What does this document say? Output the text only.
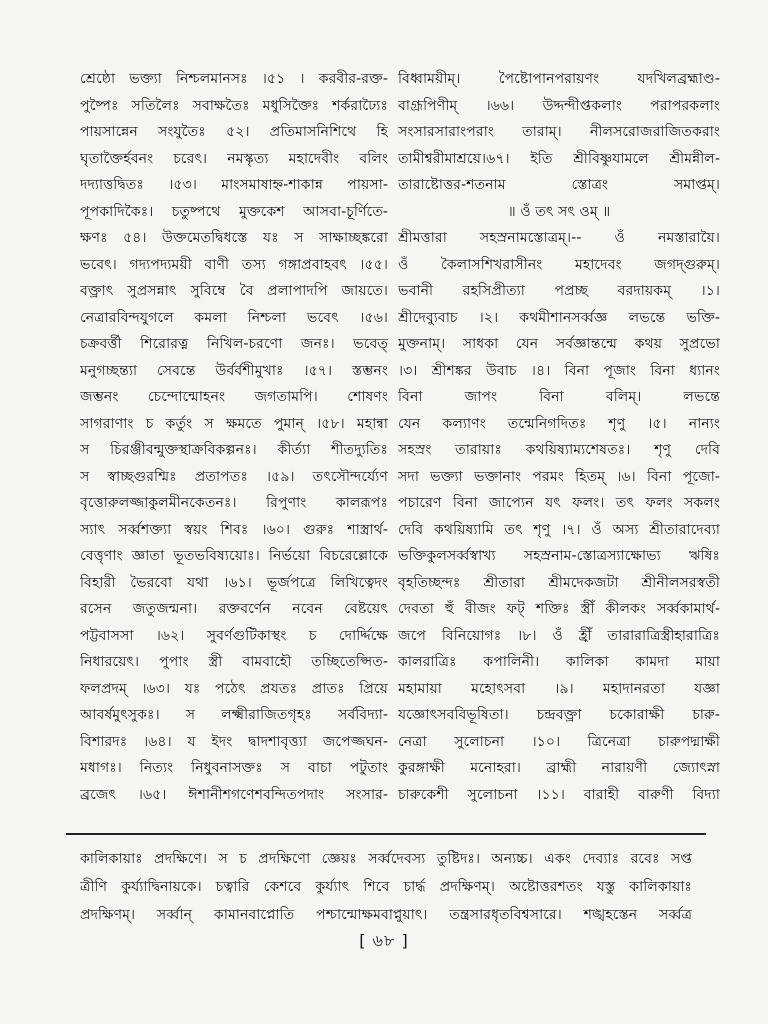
শ্রেষ্ঠো ভক্ত্যা নিশ্চলমানসঃ ।৫১ । করবীর-রক্ত-
পুষ্পৈঃ সতিলৈঃ সবাক্ষতৈঃ মধুসিক্তৈঃ শর্করাঢ্যৈঃ
পায়সান্নেন সংযুতৈঃ ৫২। প্রতিমাসনিশিথে হি
ঘৃতাক্তৈর্হবনং চরেৎ। নমস্কৃত্য মহাদেবীং বলিং
দদ্যাত্তদ্বিতঃ ।৫৩। মাংসমাষাহ্ন-শাকান্ন পায়সা-
পূপকাদিকৈঃ। চতুষ্পথে মুক্তকেশ আসবা-চূর্ণিতে-
ক্ষণঃ ৫৪। উক্তমেতদ্বিধস্তে যঃ স সাক্ষাচ্ছঙ্করো
ভবেৎ। গদ্যপদ্যময়ী বাণী তস্য গঙ্গাপ্রবাহবৎ ।৫৫।
বক্ত্রাৎ সুপ্রসন্নাৎ সুবিম্বে বৈ প্রলাপাদপি জায়তে।
নেত্রারবিন্দযুগলে কমলা নিশ্চলা ভবেৎ ।৫৬।
চক্রবর্ত্তী শিরোরত্ন নিখিল-চরণো জনঃ। ভবেত্
মনুগচ্ছন্ত্যা সেবন্তে উর্বর্বশীমুখাঃ ।৫৭। স্তম্ভনং
জম্ভনং চেন্দোন্মোহনং জগতামপি। শোষণং
সাগরাণাং চ কর্তুং স ক্ষমতে পুমান্ ।৫৮। মহান্বা
স চিরঞ্জীবন্মুক্তস্থাক্রবিকল্পনঃ। কীর্ত্যা শীতদ্যুতিঃ
স স্বাচ্ছগুরশ্মিঃ প্রতাপতঃ ।৫৯। তৎসৌন্দর্য্যেণ
বৃত্তোরুলজ্জাকুলমীনকেতনঃ। রিপুণাং কালরূপঃ
স্যাৎ সর্ব্বশক্ত্যা স্বয়ং শিবঃ ।৬০। গুরুঃ শাস্ত্রার্থ-
বেত্তৃণাং জ্ঞাতা ভূতভবিষ্যয়োঃ। নির্ভয়ো বিচরেল্লোকে
বিহারী ভৈরবো যথা ।৬১। ভূর্জপত্রে লিখিত্বেদং
রসেন জতুজন্মনা। রক্তবর্ণেন নবেন বেষ্টয়েৎ
পট্টবাসসা ।৬২। সুবর্ণগুটিকাস্থং চ দোর্দ্দিক্ষে
নিধারয়েৎ। পুপাং স্ত্রী বামবাহৌ তচ্ছিতেপ্সিত-
ফলপ্রদম্ ।৬৩। যঃ পঠেৎ প্রযতঃ প্রাতঃ প্রিয়ে
আবর্ষমুৎসুকঃ। স লক্ষ্মীরাজিতগৃহঃ সর্ববিদ্যা-
বিশারদঃ ।৬৪। য ইদং দ্বাদশাবৃত্ত্যা জপেজ্জঘন-
মধাগঃ। নিত্যং নিধুবনাসক্তঃ স বাচা পটুতাং
ব্রজেৎ ।৬৫। ঈশানীশগণেশবন্দিতপদাং সংসার-
বিধ্বাময়ীম্। পৈষ্টোপানপরায়ণং যদখিলব্রহ্মাণ্ড-
বাগ্রূপিণীম্ ।৬৬। উদ্দন্দীপ্তকলাং পরাপরকলাং
সংসারসারাংপরাং তারাম্। নীলসরোজরাজিতকরাং
তামীশ্বরীমাশ্রয়ে।৬৭। ইতি শ্রীবিষ্ণুযামলে শ্রীমন্নীল-
তারাষ্টোত্তর-শতনাম স্তোত্রং সমাপ্তম্।
॥ ওঁ তৎ সৎ ওম্ ॥
শ্রীমত্তারা সহস্রনামস্তোত্রম্।-- ওঁ নমস্তারায়ৈ।
ওঁ কৈলাসশিখরাসীনং মহাদেবং জগদ্গুরুম্।
ভবানী রহসিপ্রীত্যা পপ্রচ্ছ বরদায়কম্ ।১।
শ্রীদেব্যুবাচ ।২। কথমীশানসর্ব্বজ্ঞ লভন্তে ভক্তি-
মুক্তনাম্। সাধকা যেন সর্বজ্ঞান্তন্মে কথয় সুপ্রভো
।৩। শ্রীশঙ্কর উবাচ ।৪। বিনা পূজাং বিনা ধ্যানং
বিনা জাপং বিনা বলিম্। লভন্তে
যেন কল্যাণং তন্মেনিগদিতঃ শৃণু ।৫। নান্যং
সহস্রং তারায়াঃ কথয়িষ্যাম্যশেষতঃ। শৃণু দেবি
সদা ভক্ত্যা ভক্তানাং পরমং হিতম্ ।৬। বিনা পূজো-
পচারেণ বিনা জাপ্যেন যৎ ফলং। তৎ ফলং সকলং
দেবি কথয়িষ্যামি তৎ শৃণু ।৭। ওঁ অস্য শ্রীতারাদেব্যা
ভক্তিকুলসর্ব্বস্বাখ্য সহস্রনাম-স্তোত্রস্যাক্ষোভ্য ঋষিঃ
বৃহতিচ্ছন্দঃ শ্রীতারা শ্রীমদেকজটা শ্রীনীলসরস্বতী
দেবতা হুঁ বীজং ফট্ শক্তিঃ স্ত্রীঁ কীলকং সর্ব্বকামার্থ-
জপে বিনিয়োগঃ ।৮। ওঁ হ্রীঁ তারারাত্রিস্ত্রীহারাত্রিঃ
কালরাত্রিঃ কপালিনী। কালিকা কামদা মায়া
মহামায়া মহোৎসবা ।৯। মহাদানরতা যজ্ঞা
যজ্ঞোৎসববিভূষিতা। চন্দ্রবক্ত্রা চকোরাক্ষী চারু-
নেত্রা সুলোচনা ।১০। ত্রিনেত্রা চারুপদ্মাক্ষী
কুরঙ্গাক্ষী মনোহরা। ব্রাহ্মী নারায়ণী জ্যোৎস্না
চারুকেশী সুলোচনা ।১১। বারাহী বারুণী বিদ্যা
কালিকায়াঃ প্রদক্ষিণে। স চ প্রদক্ষিণো জ্ঞেয়ঃ সর্ব্বদেবস্য তুষ্টিদঃ। অন্যচ্চ। একং দেব্যাঃ রবেঃ সপ্ত
ত্রীণি কুর্য্যাদ্বিনায়কে। চত্বারি কেশবে কুর্য্যাৎ শিবে চার্দ্ধ প্রদক্ষিণম্। অষ্টোত্তরশতং যস্তু কালিকায়াঃ
প্রদক্ষিণম্। সর্ব্বান্ কামানবাপ্নোতি পশ্চান্মোক্ষমবাপ্নুয়াৎ। তন্ত্রসারধৃতবিশ্বসারে। শঙ্খহস্তেন সর্ব্বত্র
[ ৬৮ ]
